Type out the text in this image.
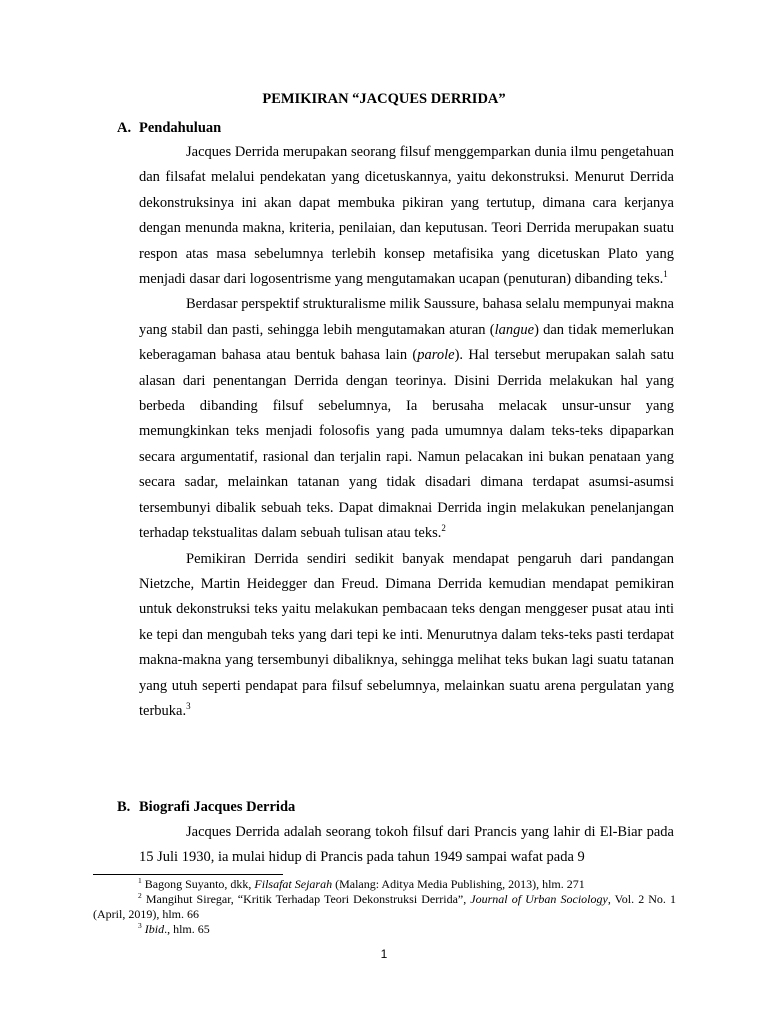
PEMIKIRAN “JACQUES DERRIDA”
A. Pendahuluan

Jacques Derrida merupakan seorang filsuf menggemparkan dunia ilmu pengetahuan dan filsafat melalui pendekatan yang dicetuskannya, yaitu dekonstruksi. Menurut Derrida dekonstruksinya ini akan dapat membuka pikiran yang tertutup, dimana cara kerjanya dengan menunda makna, kriteria, penilaian, dan keputusan. Teori Derrida merupakan suatu respon atas masa sebelumnya terlebih konsep metafisika yang dicetuskan Plato yang menjadi dasar dari logosentrisme yang mengutamakan ucapan (penuturan) dibanding teks.$^1$

Berdasar perspektif strukturalisme milik Saussure, bahasa selalu mempunyai makna yang stabil dan pasti, sehingga lebih mengutamakan aturan (langue) dan tidak memerlukan keberagaman bahasa atau bentuk bahasa lain (parole). Hal tersebut merupakan salah satu alasan dari penentangan Derrida dengan teorinya. Disini Derrida melakukan hal yang berbeda dibanding filsuf sebelumnya, Ia berusaha melacak unsur-unsur yang memungkinkan teks menjadi folosofis yang pada umumnya dalam teks-teks dipaparkan secara argumentatif, rasional dan terjalin rapi. Namun pelacakan ini bukan penataan yang secara sadar, melainkan tatanan yang tidak disadari dimana terdapat asumsi-asumsi tersembunyi dibalik sebuah teks. Dapat dimaknai Derrida ingin melakukan penelanjangan terhadap tekstualitas dalam sebuah tulisan atau teks.$^2$

Pemikiran Derrida sendiri sedikit banyak mendapat pengaruh dari pandangan Nietzche, Martin Heidegger dan Freud. Dimana Derrida kemudian mendapat pemikiran untuk dekonstruksi teks yaitu melakukan pembacaan teks dengan menggeser pusat atau inti ke tepi dan mengubah teks yang dari tepi ke inti. Menurutnya dalam teks-teks pasti terdapat makna-makna yang tersembunyi dibaliknya, sehingga melihat teks bukan lagi suatu tatanan yang utuh seperti pendapat para filsuf sebelumnya, melainkan suatu arena pergulatan yang terbuka.$^3$

B. Biografi Jacques Derrida

Jacques Derrida adalah seorang tokoh filsuf dari Prancis yang lahir di El-Biar pada 15 Juli 1930, ia mulai hidup di Prancis pada tahun 1949 sampai wafat pada 9

$^1$ Bagong Suyanto, dkk, Filsafat Sejarah (Malang: Aditya Media Publishing, 2013), hlm. 271
$^2$ Mangihut Siregar, “Kritik Terhadap Teori Dekonstruksi Derrida”, Journal of Urban Sociology, Vol. 2 No. 1 (April, 2019), hlm. 66
$^3$ Ibid., hlm. 65
1
